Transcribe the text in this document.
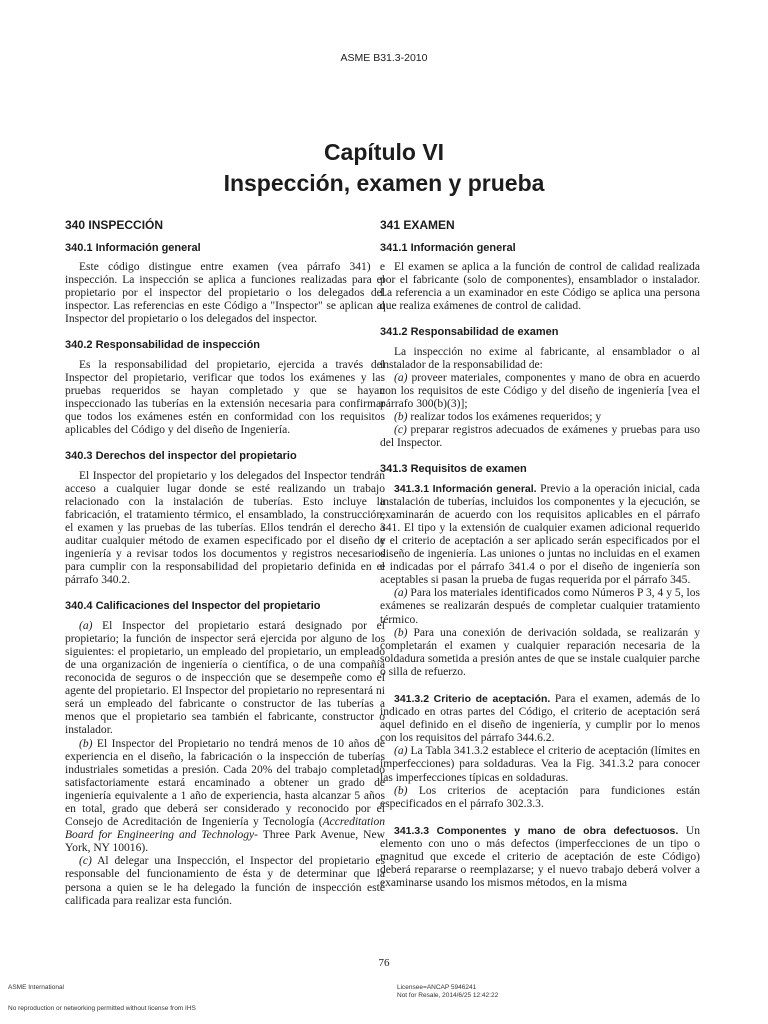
ASME B31.3-2010
Capítulo VI
Inspección, examen y prueba
340 INSPECCIÓN
340.1 Información general

Este código distingue entre examen (vea párrafo 341) e inspección. La inspección se aplica a funciones realizadas para el propietario por el inspector del propietario o los delegados del inspector. Las referencias en este Código a "Inspector" se aplican al Inspector del propietario o los delegados del inspector.

340.2 Responsabilidad de inspección

Es la responsabilidad del propietario, ejercida a través del Inspector del propietario, verificar que todos los exámenes y las pruebas requeridos se hayan completado y que se hayan inspeccionado las tuberías en la extensión necesaria para confirmar que todos los exámenes estén en conformidad con los requisitos aplicables del Código y del diseño de Ingeniería.

340.3 Derechos del inspector del propietario

El Inspector del propietario y los delegados del Inspector tendrán acceso a cualquier lugar donde se esté realizando un trabajo relacionado con la instalación de tuberías. Esto incluye la fabricación, el tratamiento térmico, el ensamblado, la construcción, el examen y las pruebas de las tuberías. Ellos tendrán el derecho a auditar cualquier método de examen especificado por el diseño de ingeniería y a revisar todos los documentos y registros necesarios para cumplir con la responsabilidad del propietario definida en el párrafo 340.2.

340.4 Calificaciones del Inspector del propietario

(a) El Inspector del propietario estará designado por el propietario; la función de inspector será ejercida por alguno de los siguientes: el propietario, un empleado del propietario, un empleado de una organización de ingeniería o científica, o de una compañía reconocida de seguros o de inspección que se desempeñe como el agente del propietario. El Inspector del propietario no representará ni será un empleado del fabricante o constructor de las tuberías a menos que el propietario sea también el fabricante, constructor o instalador.

(b) El Inspector del Propietario no tendrá menos de 10 años de experiencia en el diseño, la fabricación o la inspección de tuberías industriales sometidas a presión. Cada 20% del trabajo completado satisfactoriamente estará encaminado a obtener un grado de ingeniería equivalente a 1 año de experiencia, hasta alcanzar 5 años en total, grado que deberá ser considerado y reconocido por el Consejo de Acreditación de Ingeniería y Tecnología (Accreditation Board for Engineering and Technology- Three Park Avenue, New York, NY 10016).

(c) Al delegar una Inspección, el Inspector del propietario es responsable del funcionamiento de ésta y de determinar que la persona a quien se le ha delegado la función de inspección esté calificada para realizar esta función.

341 EXAMEN
341.1 Información general

El examen se aplica a la función de control de calidad realizada por el fabricante (solo de componentes), ensamblador o instalador. La referencia a un examinador en este Código se aplica una persona que realiza exámenes de control de calidad.

341.2 Responsabilidad de examen

La inspección no exime al fabricante, al ensamblador o al instalador de la responsabilidad de:

(a) proveer materiales, componentes y mano de obra en acuerdo con los requisitos de este Código y del diseño de ingeniería [vea el párrafo 300(b)(3)];

(b) realizar todos los exámenes requeridos; y

(c) preparar registros adecuados de exámenes y pruebas para uso del Inspector.

341.3 Requisitos de examen

341.3.1 Información general. Previo a la operación inicial, cada instalación de tuberías, incluidos los componentes y la ejecución, se examinarán de acuerdo con los requisitos aplicables en el párrafo 341. El tipo y la extensión de cualquier examen adicional requerido y el criterio de aceptación a ser aplicado serán especificados por el diseño de ingeniería. Las uniones o juntas no incluidas en el examen e indicadas por el párrafo 341.4 o por el diseño de ingeniería son aceptables si pasan la prueba de fugas requerida por el párrafo 345.

(a) Para los materiales identificados como Números P 3, 4 y 5, los exámenes se realizarán después de completar cualquier tratamiento térmico.

(b) Para una conexión de derivación soldada, se realizarán y completarán el examen y cualquier reparación necesaria de la soldadura sometida a presión antes de que se instale cualquier parche o silla de refuerzo.

341.3.2 Criterio de aceptación. Para el examen, además de lo indicado en otras partes del Código, el criterio de aceptación será aquel definido en el diseño de ingeniería, y cumplir por lo menos con los requisitos del párrafo 344.6.2.

(a) La Tabla 341.3.2 establece el criterio de aceptación (límites en imperfecciones) para soldaduras. Vea la Fig. 341.3.2 para conocer las imperfecciones típicas en soldaduras.

(b) Los criterios de aceptación para fundiciones están especificados en el párrafo 302.3.3.

341.3.3 Componentes y mano de obra defectuosos. Un elemento con uno o más defectos (imperfecciones de un tipo o magnitud que excede el criterio de aceptación de este Código) deberá repararse o reemplazarse; y el nuevo trabajo deberá volver a examinarse usando los mismos métodos, en la misma

76
ASME International
No reproduction or networking permitted without license from IHS
Licensee=ANCAP 5946241
Not for Resale, 2014/6/25 12:42:22
